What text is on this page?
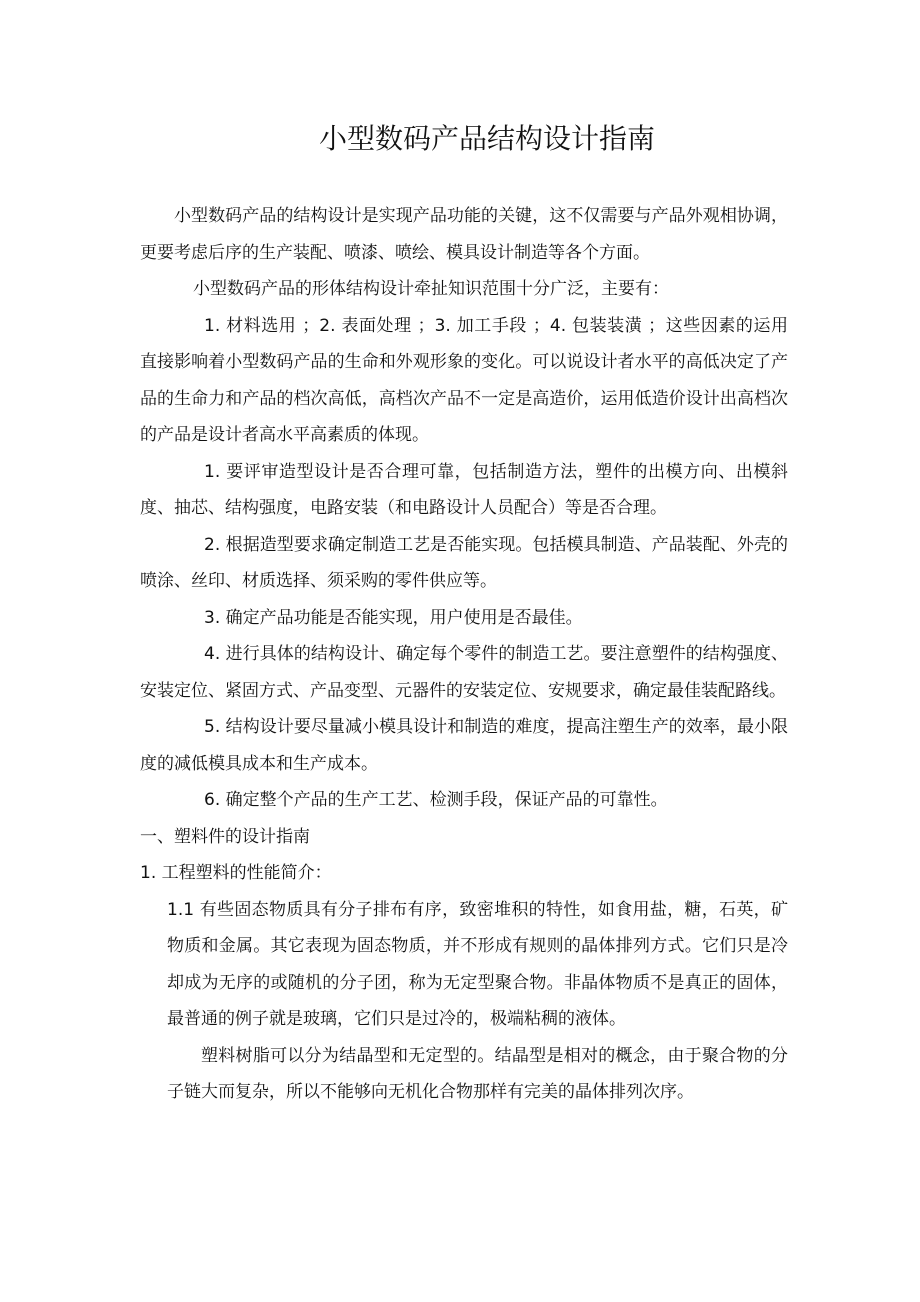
小型数码产品结构设计指南

小型数码产品的结构设计是实现产品功能的关键，这不仅需要与产品外观相协调，更要考虑后序的生产装配、喷漆、喷绘、模具设计制造等各个方面。

小型数码产品的形体结构设计牵扯知识范围十分广泛，主要有：

1. 材料选用 ；2. 表面处理 ；3. 加工手段 ；4. 包装装潢 ；这些因素的运用直接影响着小型数码产品的生命和外观形象的变化。可以说设计者水平的高低决定了产品的生命力和产品的档次高低，高档次产品不一定是高造价，运用低造价设计出高档次的产品是设计者高水平高素质的体现。

1. 要评审造型设计是否合理可靠，包括制造方法，塑件的出模方向、出模斜度、抽芯、结构强度，电路安装（和电路设计人员配合）等是否合理。

2. 根据造型要求确定制造工艺是否能实现。包括模具制造、产品装配、外壳的喷涂、丝印、材质选择、须采购的零件供应等。

3. 确定产品功能是否能实现，用户使用是否最佳。

4. 进行具体的结构设计、确定每个零件的制造工艺。要注意塑件的结构强度、安装定位、紧固方式、产品变型、元器件的安装定位、安规要求，确定最佳装配路线。

5. 结构设计要尽量减小模具设计和制造的难度，提高注塑生产的效率，最小限度的减低模具成本和生产成本。

6. 确定整个产品的生产工艺、检测手段，保证产品的可靠性。

一、塑料件的设计指南

1. 工程塑料的性能简介：

1.1 有些固态物质具有分子排布有序，致密堆积的特性，如食用盐，糖，石英，矿物质和金属。其它表现为固态物质，并不形成有规则的晶体排列方式。它们只是冷却成为无序的或随机的分子团，称为无定型聚合物。非晶体物质不是真正的固体，最普通的例子就是玻璃，它们只是过冷的，极端粘稠的液体。

塑料树脂可以分为结晶型和无定型的。结晶型是相对的概念，由于聚合物的分子链大而复杂，所以不能够向无机化合物那样有完美的晶体排列次序。
